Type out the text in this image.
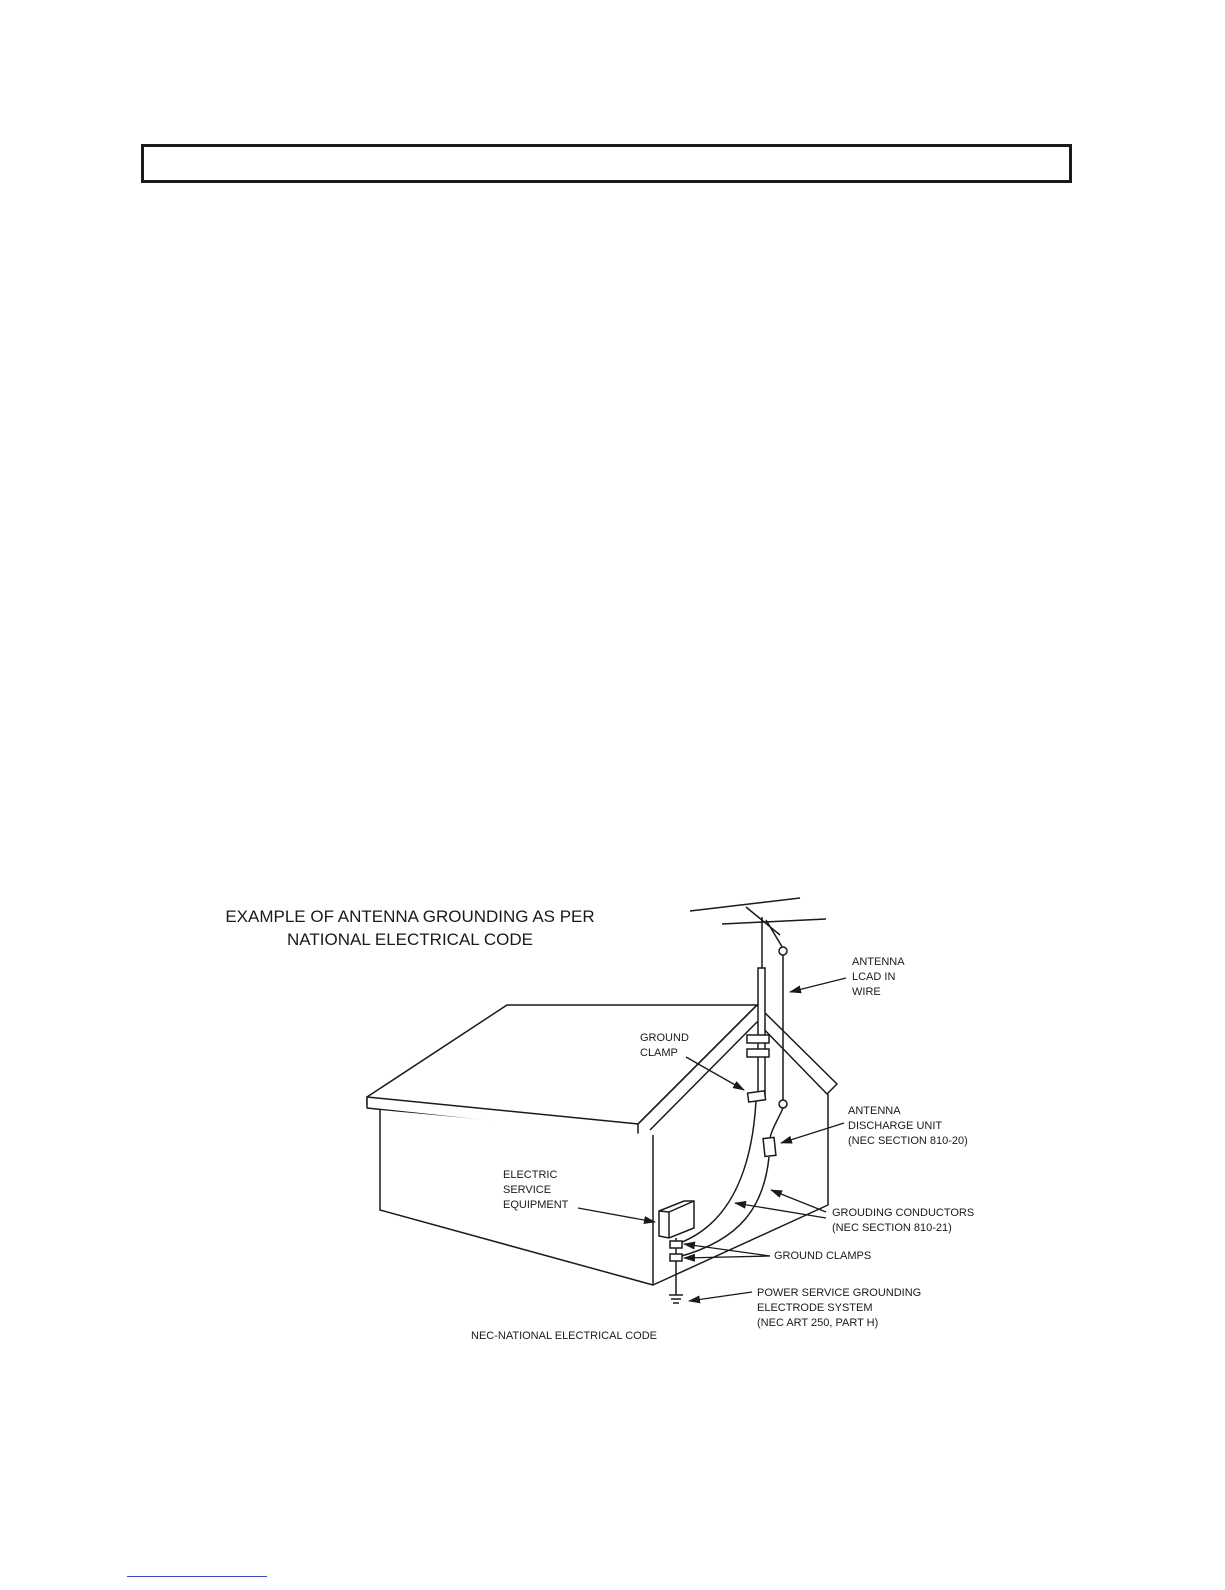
EXAMPLE OF ANTENNA GROUNDING AS PER
NATIONAL ELECTRICAL CODE
ANTENNA
LCAD IN
WIRE
GROUND
CLAMP
ANTENNA
DISCHARGE UNIT
(NEC SECTION 810-20)
ELECTRIC
SERVICE
EQUIPMENT
GROUDING CONDUCTORS
(NEC SECTION 810-21)
GROUND CLAMPS
POWER SERVICE GROUNDING
ELECTRODE SYSTEM
(NEC ART 250, PART H)
NEC-NATIONAL ELECTRICAL CODE
